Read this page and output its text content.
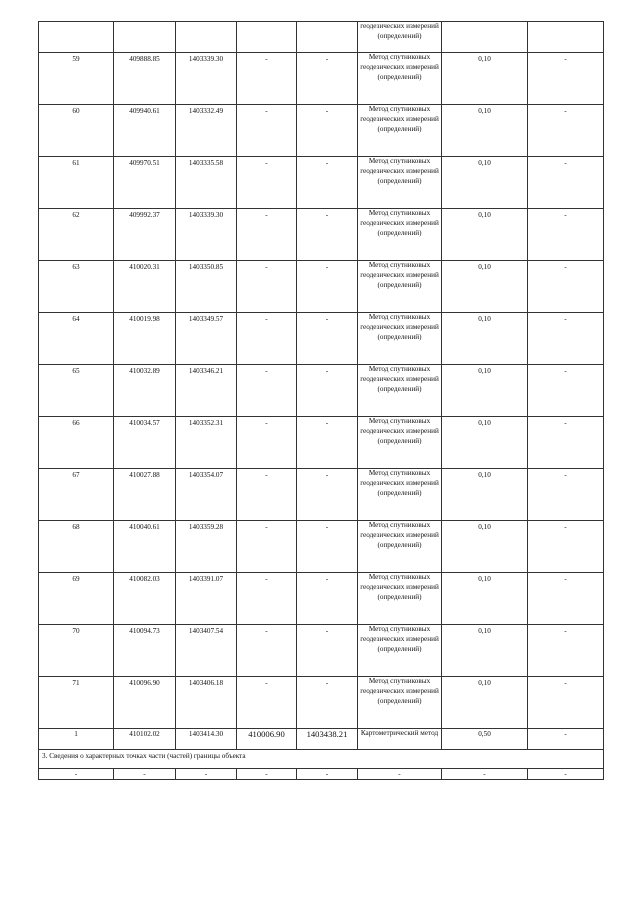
					геодезических измерений (определений)		
59	409888.85	1403339.30	-	-	Метод спутниковых геодезических измерений (определений)	0,10	-
60	409940.61	1403332.49	-	-	Метод спутниковых геодезических измерений (определений)	0,10	-
61	409970.51	1403335.58	-	-	Метод спутниковых геодезических измерений (определений)	0,10	-
62	409992.37	1403339.30	-	-	Метод спутниковых геодезических измерений (определений)	0,10	-
63	410020.31	1403350.85	-	-	Метод спутниковых геодезических измерений (определений)	0,10	-
64	410019.98	1403349.57	-	-	Метод спутниковых геодезических измерений (определений)	0,10	-
65	410032.89	1403346.21	-	-	Метод спутниковых геодезических измерений (определений)	0,10	-
66	410034.57	1403352.31	-	-	Метод спутниковых геодезических измерений (определений)	0,10	-
67	410027.88	1403354.07	-	-	Метод спутниковых геодезических измерений (определений)	0,10	-
68	410040.61	1403359.28	-	-	Метод спутниковых геодезических измерений (определений)	0,10	-
69	410082.03	1403391.07	-	-	Метод спутниковых геодезических измерений (определений)	0,10	-
70	410094.73	1403407.54	-	-	Метод спутниковых геодезических измерений (определений)	0,10	-
71	410096.90	1403406.18	-	-	Метод спутниковых геодезических измерений (определений)	0,10	-
1	410102.02	1403414.30	410006.90	1403438.21	Картометрический метод	0,50	-
3. Сведения о характерных точках части (частей) границы объекта							
-	-	-	-	-	-	-	-
